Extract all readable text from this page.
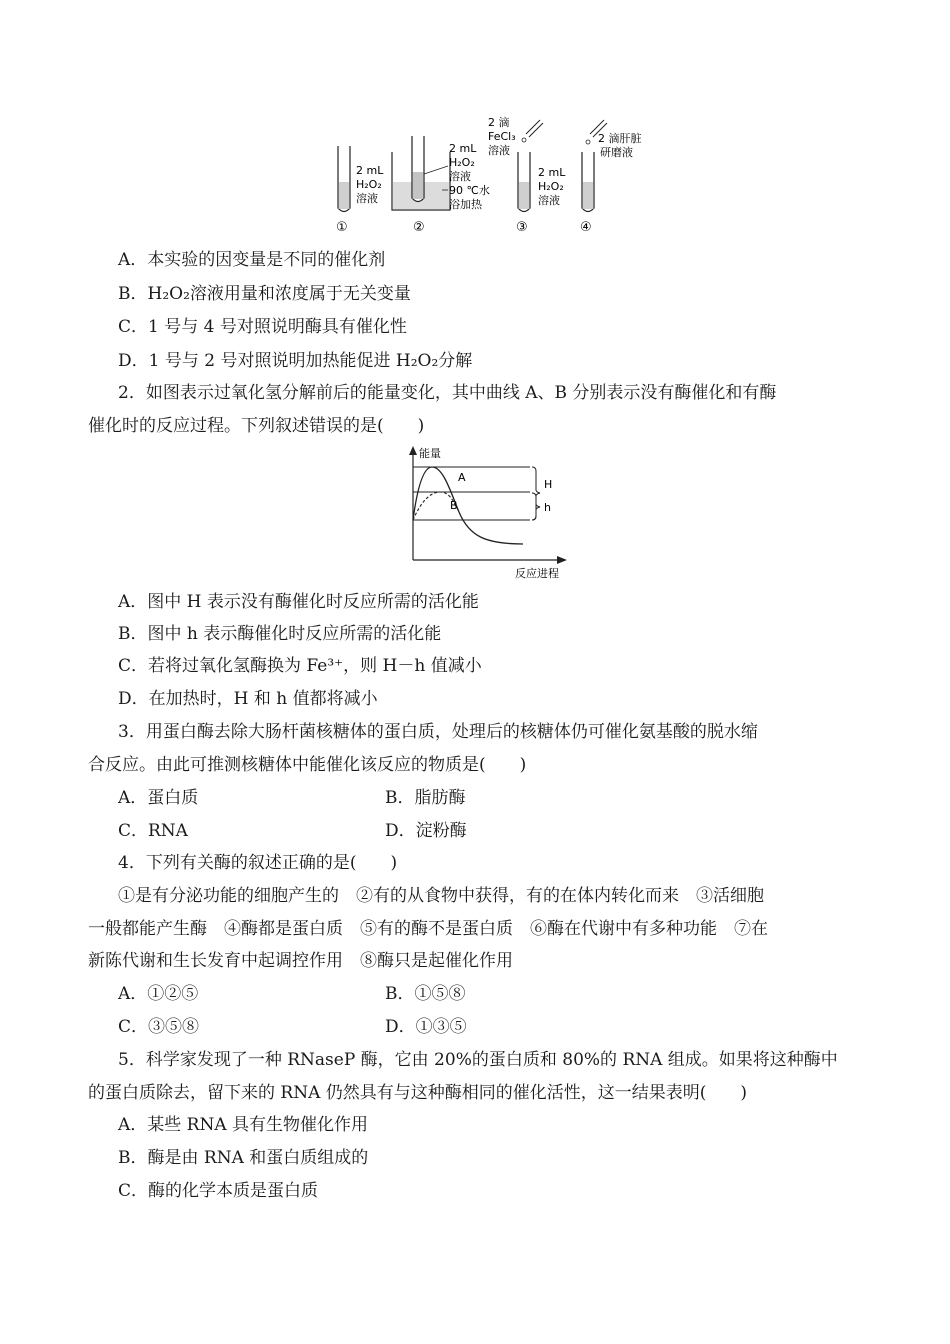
2 mL
H₂O₂
溶液
①
2 mL
H₂O₂
溶液
90 ℃水
浴加热
②
2 滴
FeCl₃
溶液
2 mL
H₂O₂
溶液
③
2 滴肝脏
研磨液
④
A．本实验的因变量是不同的催化剂
B．H₂O₂溶液用量和浓度属于无关变量
C．1 号与 4 号对照说明酶具有催化性
D．1 号与 2 号对照说明加热能促进 H₂O₂分解
2．如图表示过氧化氢分解前后的能量变化，其中曲线 A、B 分别表示没有酶催化和有酶
催化时的反应过程。下列叙述错误的是(　　)
能量
反应进程
A
B
H
h
A．图中 H 表示没有酶催化时反应所需的活化能
B．图中 h 表示酶催化时反应所需的活化能
C．若将过氧化氢酶换为 Fe³⁺，则 H－h 值减小
D．在加热时，H 和 h 值都将减小
3．用蛋白酶去除大肠杆菌核糖体的蛋白质，处理后的核糖体仍可催化氨基酸的脱水缩
合反应。由此可推测核糖体中能催化该反应的物质是(　　)
A．蛋白质	B．脂肪酶
C．RNA	D．淀粉酶
4．下列有关酶的叙述正确的是(　　)
①是有分泌功能的细胞产生的　②有的从食物中获得，有的在体内转化而来　③活细胞
一般都能产生酶　④酶都是蛋白质　⑤有的酶不是蛋白质　⑥酶在代谢中有多种功能　⑦在
新陈代谢和生长发育中起调控作用　⑧酶只是起催化作用
A．①②⑤	B．①⑤⑧
C．③⑤⑧	D．①③⑤
5．科学家发现了一种 RNaseP 酶，它由 20%的蛋白质和 80%的 RNA 组成。如果将这种酶中
的蛋白质除去，留下来的 RNA 仍然具有与这种酶相同的催化活性，这一结果表明(　　)
A．某些 RNA 具有生物催化作用
B．酶是由 RNA 和蛋白质组成的
C．酶的化学本质是蛋白质
